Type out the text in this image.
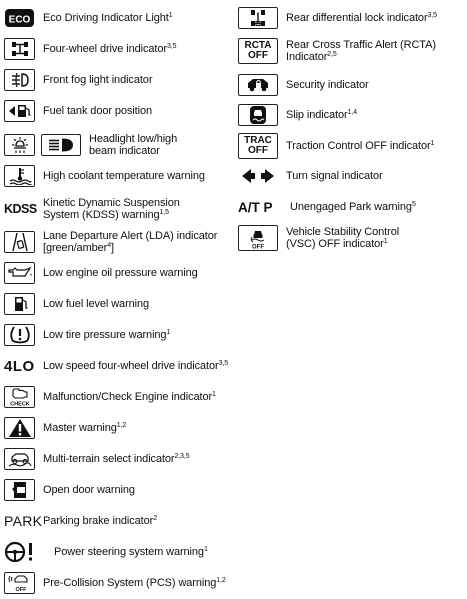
ECO Eco Driving Indicator Light$^1$
Four-wheel drive indicator$^{3,5}$
Front fog light indicator
Fuel tank door position
Headlight low/high
beam indicator
High coolant temperature warning
KDSS Kinetic Dynamic Suspension
System (KDSS) warning$^{1,5}$
Lane Departure Alert (LDA) indicator
[green/amber$^4$]
Low engine oil pressure warning
Low fuel level warning
Low tire pressure warning$^1$
4LO Low speed four-wheel drive indicator$^{3,5}$
CHECK
Malfunction/Check Engine indicator$^1$
Master warning$^{1,2}$
Multi-terrain select indicator$^{2,3,5}$
Open door warning
PARK Parking brake indicator$^2$
Power steering system warning$^1$
OFF
Pre-Collision System (PCS) warning$^{1,2}$
Rear differential lock indicator$^{3,5}$
RCTA
OFF
Rear Cross Traffic Alert (RCTA)
Indicator$^{2,5}$
Security indicator
Slip indicator$^{1,4}$
TRAC
OFF Traction Control OFF indicator$^1$
Turn signal indicator
A/T P Unengaged Park warning$^5$
OFF
Vehicle Stability Control
(VSC) OFF indicator$^1$
